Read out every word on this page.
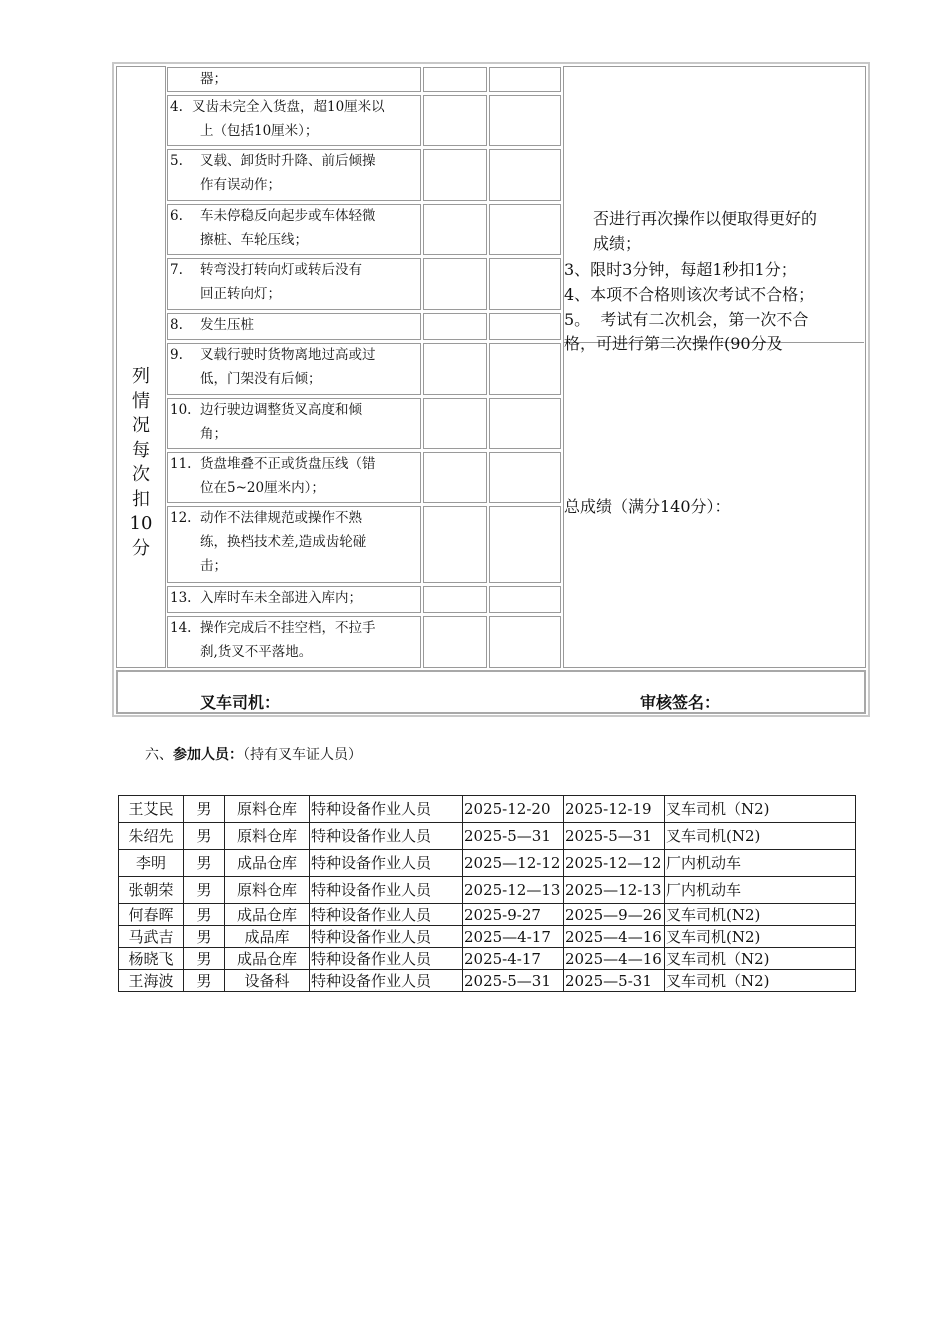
列
情
况
每
次
扣
10
分
器；
4. 叉齿未完全入货盘，超10厘米以
上（包括10厘米）；
5. 叉载、卸货时升降、前后倾操
作有误动作；
6. 车未停稳反向起步或车体轻微
擦桩、车轮压线；
7. 转弯没打转向灯或转后没有
回正转向灯；
8. 发生压桩
9. 叉载行驶时货物离地过高或过
低，门架没有后倾；
10. 边行驶边调整货叉高度和倾
角；
11. 货盘堆叠不正或货盘压线（错
位在5~20厘米内）；
12. 动作不法律规范或操作不熟
练，换档技术差,造成齿轮碰
击；
13. 入库时车未全部进入库内；
14. 操作完成后不挂空档，不拉手
刹,货叉不平落地。
否进行再次操作以便取得更好的
成绩；
3、限时3分钟，每超1秒扣1分；
4、本项不合格则该次考试不合格；
5。  考试有二次机会，第一次不合
格，可进行第二次操作(90分及
总成绩（满分140分）：
叉车司机：	审核签名：
六、参加人员：（持有叉车证人员）
王艾民	男	原料仓库	特种设备作业人员	2025-12-20	2025-12-19	叉车司机（N2)
朱绍先	男	原料仓库	特种设备作业人员	2025-5—31	2025-5—31	叉车司机(N2)
李明	男	成品仓库	特种设备作业人员	2025—12-12	2025-12—12	厂内机动车
张朝荣	男	原料仓库	特种设备作业人员	2025-12—13	2025—12-13	厂内机动车
何春晖	男	成品仓库	特种设备作业人员	2025-9-27	2025—9—26	叉车司机(N2)
马武吉	男	成品库	特种设备作业人员	2025—4-17	2025—4—16	叉车司机(N2)
杨晓飞	男	成品仓库	特种设备作业人员	2025-4-17	2025—4—16	叉车司机（N2)
王海波	男	设备科	特种设备作业人员	2025-5—31	2025—5-31	叉车司机（N2)
